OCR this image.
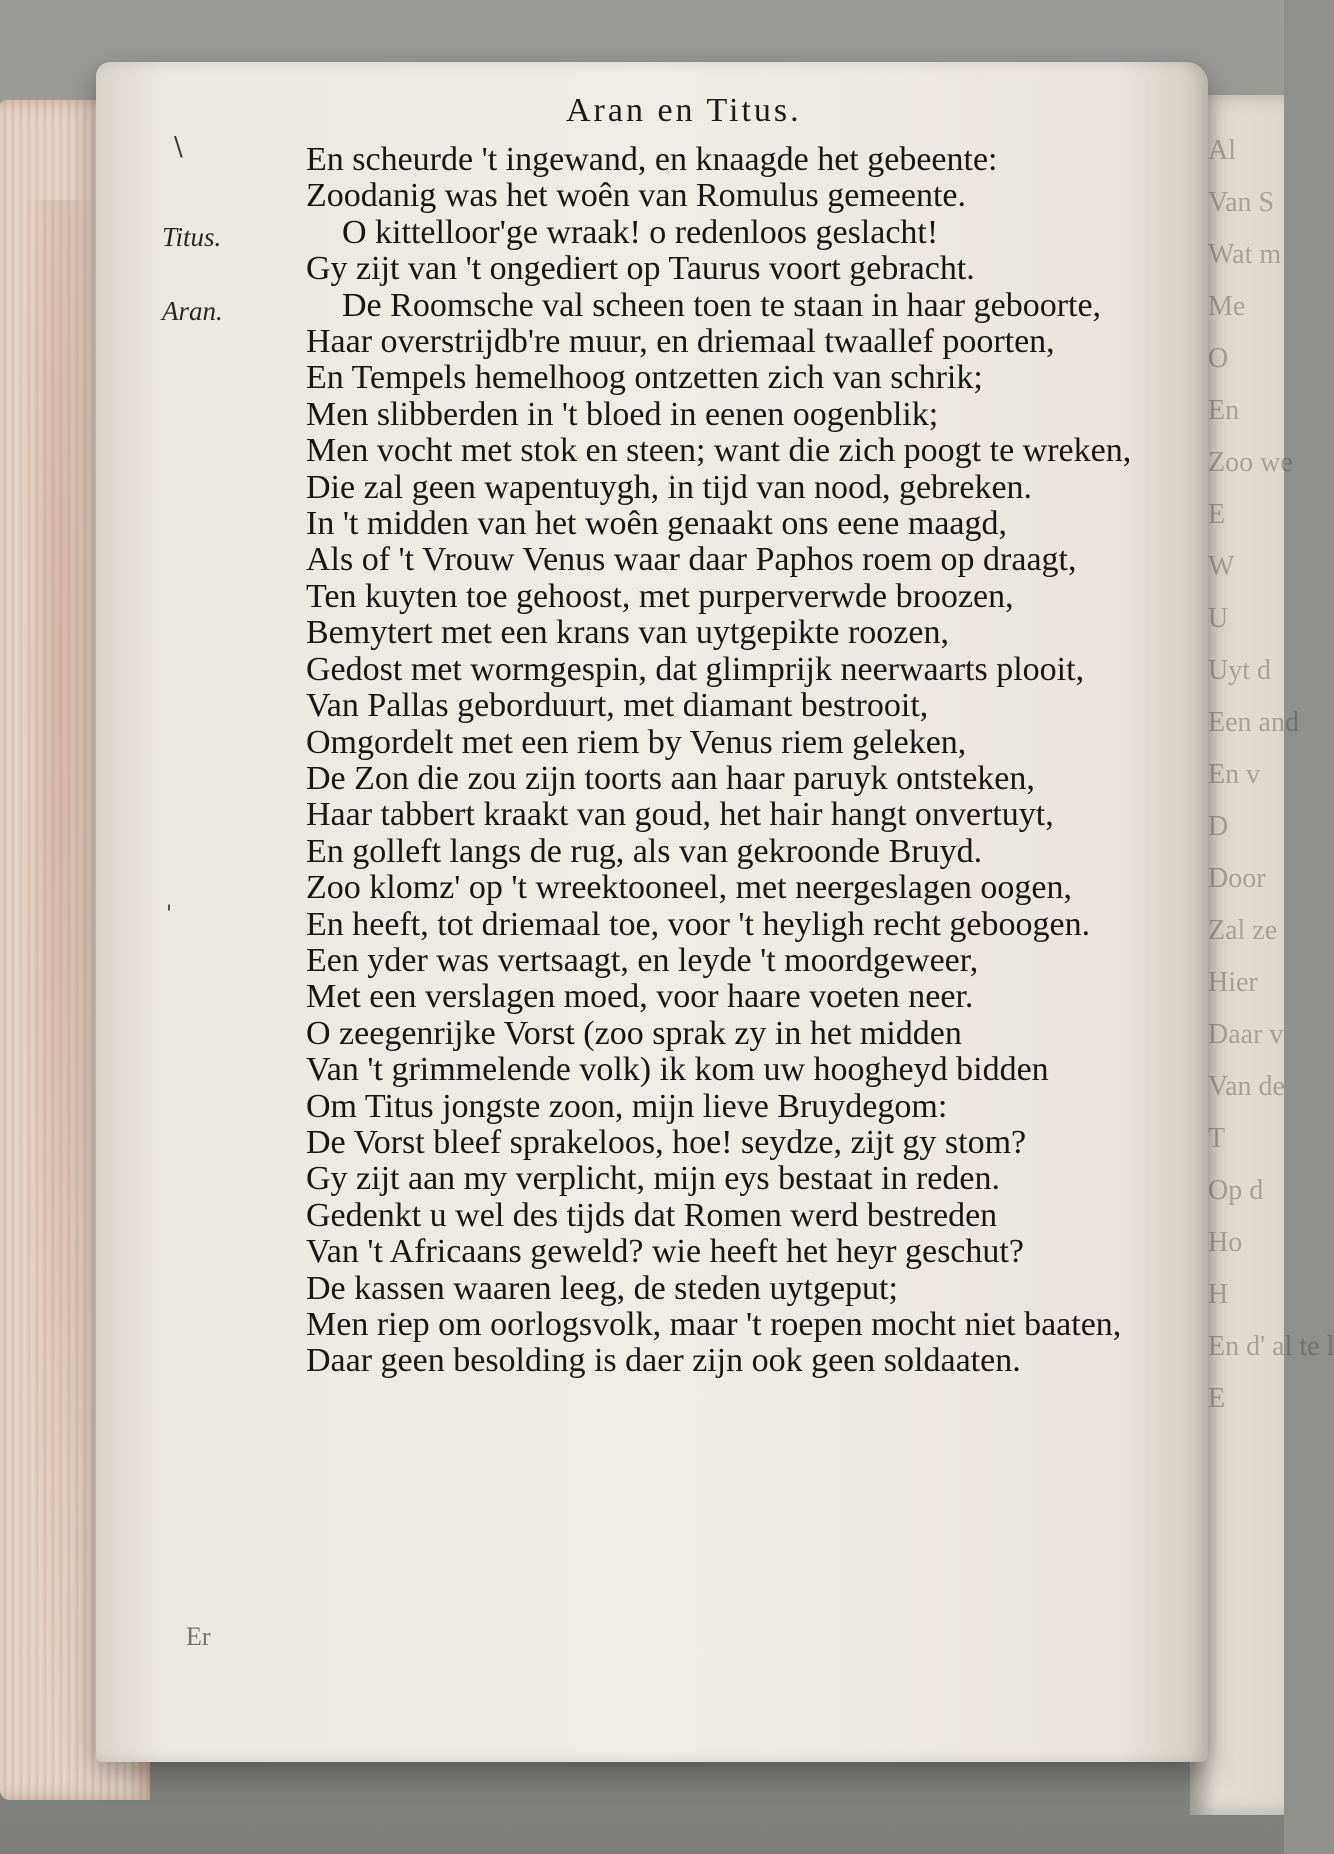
Al
Van S
Wat m
Me
O
En
Zoo we
E
W
U
Uyt d
Een and
En v
D
Door
Zal ze
Hier
Daar v
Van de
T
Op d
Ho
H
En d' al te l
E
Aran en Titus.
\
'
Titus.
Aran.
En scheurde 't ingewand, en knaagde het gebeente:
Zoodanig was het woên van Romulus gemeente.
O kittelloor'ge wraak! o redenloos geslacht!
Gy zijt van 't ongediert op Taurus voort gebracht.
De Roomsche val scheen toen te staan in haar geboorte,
Haar overstrijdb're muur, en driemaal twaallef poorten,
En Tempels hemelhoog ontzetten zich van schrik;
Men slibberden in 't bloed in eenen oogenblik;
Men vocht met stok en steen; want die zich poogt te wreken,
Die zal geen wapentuygh, in tijd van nood, gebreken.
In 't midden van het woên genaakt ons eene maagd,
Als of 't Vrouw Venus waar daar Paphos roem op draagt,
Ten kuyten toe gehoost, met purperverwde broozen,
Bemytert met een krans van uytgepikte roozen,
Gedost met wormgespin, dat glimprijk neerwaarts plooit,
Van Pallas geborduurt, met diamant bestrooit,
Omgordelt met een riem by Venus riem geleken,
De Zon die zou zijn toorts aan haar paruyk ontsteken,
Haar tabbert kraakt van goud, het hair hangt onvertuyt,
En golleft langs de rug, als van gekroonde Bruyd.
Zoo klomz' op 't wreektooneel, met neergeslagen oogen,
En heeft, tot driemaal toe, voor 't heyligh recht geboogen.
Een yder was vertsaagt, en leyde 't moordgeweer,
Met een verslagen moed, voor haare voeten neer.
O zeegenrijke Vorst (zoo sprak zy in het midden
Van 't grimmelende volk) ik kom uw hoogheyd bidden
Om Titus jongste zoon, mijn lieve Bruydegom:
De Vorst bleef sprakeloos, hoe! seydze, zijt gy stom?
Gy zijt aan my verplicht, mijn eys bestaat in reden.
Gedenkt u wel des tijds dat Romen werd bestreden
Van 't Africaans geweld? wie heeft het heyr geschut?
De kassen waaren leeg, de steden uytgeput;
Men riep om oorlogsvolk, maar 't roepen mocht niet baaten,
Daar geen besolding is daer zijn ook geen soldaaten.
Er
